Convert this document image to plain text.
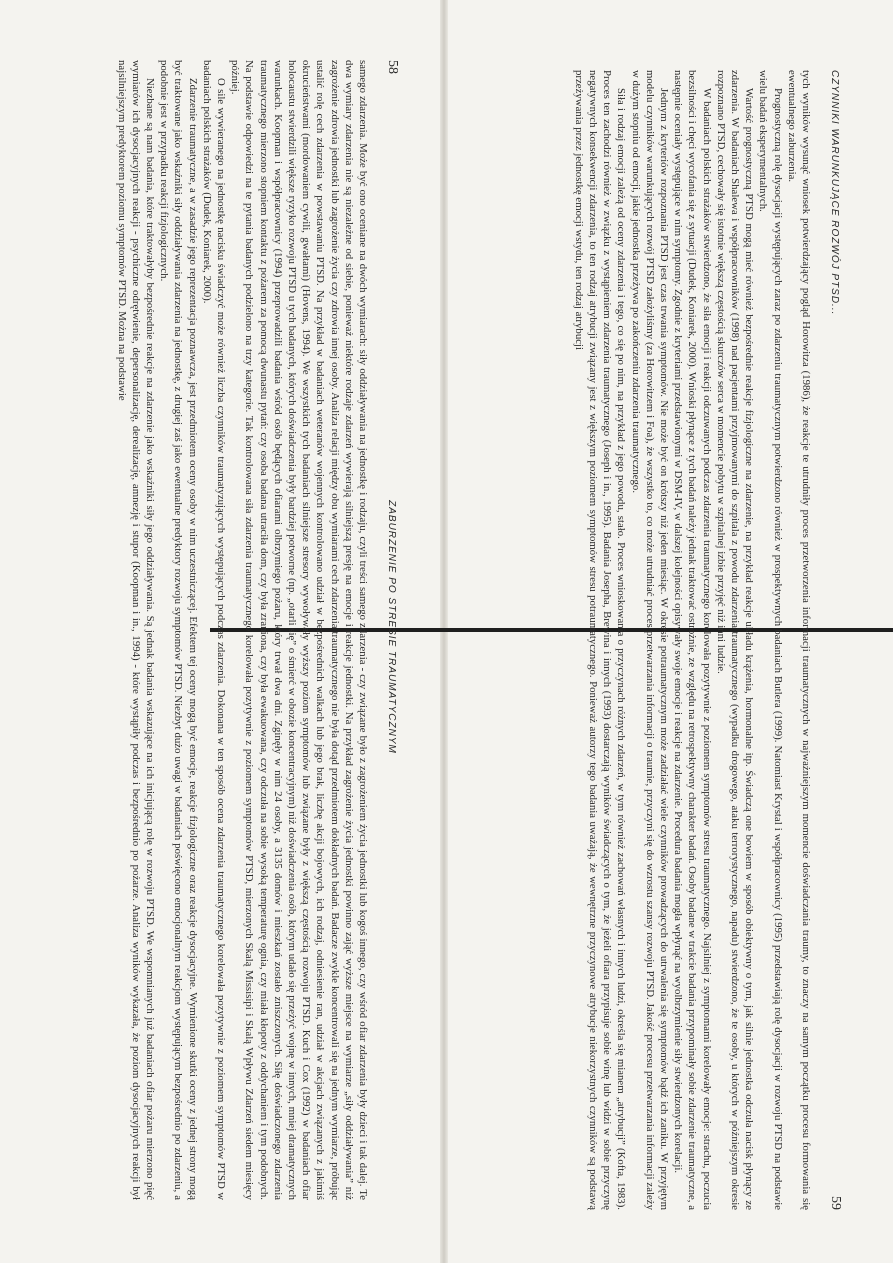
58
ZABURZENIE PO STRESIE TRAUMATYCZNYM

samego zdarzenia. Może być ono oceniane na dwóch wymiarach: siły oddziaływania na jednostkę i rodzaju, czyli treści samego zdarzenia - czy związane było z zagrożeniem życia jednostki lub kogoś innego, czy wśród ofiar zdarzenia były dzieci i tak dalej. Te dwa wymiary zdarzenia nie są niezależne od siebie, ponieważ niektóre rodzaje zdarzeń wywierają silniejszą presję na emocje i reakcje jednostki. Na przykład zagrożenie życia jednostki powinno zająć wyższe miejsce na wymiarze „siły oddziaływania” niż zagrożenie zdrowia jednostki lub zagrożenie życia czy zdrowia innej osoby. Analiza relacji między obu wymiarami cech zdarzenia traumatycznego nie była dotąd przedmiotem dokładnych badań. Badacze zwykle koncentrowali się na jednym wymiarze, próbując ustalić rolę cech zdarzenia w powstawaniu PTSD. Na przykład w badaniach weteranów wojennych kontrolowano udział w bezpośrednich walkach lub jego brak, liczbę akcji bojowych, ich rodzaj, odniesienie ran, udział w akcjach związanych z jakimiś okrucieństwami (mordowaniem cywili, gwałtami) (Hovens, 1994). We wszystkich tych badaniach silniejsze stresory wywoływały wyższy poziom symptomów lub związane były z większą częstością rozwoju PTSD. Kuch i Cox (1992) w badaniach ofiar holocaustu stwierdzili większe ryzyko rozwoju PTSD u tych badanych, których doświadczenia były bardziej potworne (np. „otarli się” o śmierć w obozie koncentracyjnym) niż doświadczenia osób, którym udało się przeżyć wojnę w innych, mniej dramatycznych warunkach. Koopman i współpracownicy (1994) przeprowadzili badania wśród osób będących ofiarami olbrzymiego pożaru, który trwał dwa dni. Zginęły w nim 24 osoby, a 3135 domów i mieszkań zostało zniszczonych. Siłę doświadczonego zdarzenia traumatycznego mierzono stopniem kontaktu z pożarem za pomocą dwunastu pytań: czy osoba badana utraciła dom, czy była zraniona, czy była ewakuowana, czy odczuła na sobie wysoką temperaturę ognia, czy miała kłopoty z oddychaniem i tym podobnych. Na podstawie odpowiedzi na te pytania badanych podzielono na trzy kategorie. Tak kontrolowana siła zdarzenia traumatycznego korelowała pozytywnie z poziomem symptomów PTSD, mierzonych Skalą Missisipi i Skalą Wpływu Zdarzeń siedem miesięcy później.

O sile wywieranego na jednostkę nacisku świadczyć może również liczba czynników traumatyzujących występujących podczas zdarzenia. Dokonana w ten sposób ocena zdarzenia traumatycznego korelowała pozytywnie z poziomem symptomów PTSD w badaniach polskich strażaków (Dudek, Koniarek, 2000).

Zdarzenie traumatyczne, a w zasadzie jego reprezentacja poznawcza, jest przedmiotem oceny osoby w nim uczestniczącej. Efektem tej oceny mogą być emocje, reakcje fizjologiczne oraz reakcje dysocjacyjne. Wymienione skutki oceny z jednej strony mogą być traktowane jako wskaźniki siły oddziaływania zdarzenia na jednostkę, z drugiej zaś jako ewentualne predyktory rozwoju symptomów PTSD. Niezbyt dużo uwagi w badaniach poświęcono emocjonalnym reakcjom występującym bezpośrednio po zdarzeniu, a podobnie jest w przypadku reakcji fizjologicznych.

Niezbane są nam badania, które traktowałyby bezpośrednie reakcje na zdarzenie jako wskaźniki siły jego oddziaływania. Są jednak badania wskazujące na ich inicjującą rolę w rozwoju PTSD. We wspomnianych już badaniach ofiar pożaru mierzono pięć wymiarów ich dysocjacyjnych reakcji - psychiczne odrętwienie, depersonalizację, derealizację, amnezję i stupor (Koopman i in., 1994) - które wystąpiły podczas i bezpośrednio po pożarze. Analiza wyników wykazała, że poziom dysocjacyjnych reakcji był najsilniejszym predyktorem poziomu symptomów PTSD. Można na podstawie	CZYNNIKI WARUNKUJĄCE ROZWÓJ PTSD...
59

tych wyników wysunąć wniosek potwierdzający pogląd Horowitza (1986), że reakcje te utrudniły proces przetworzenia informacji traumatycznych w najważniejszym momencie doświadczania traumy, to znaczy na samym początku procesu formowania się ewentualnego zaburzenia.

Prognostyczną rolę dysocjacji występujących zaraz po zdarzeniu traumatycznym potwierdzono również w prospektywnych badaniach Butlera (1999). Natomiast Krystal i współpracownicy (1995) przedstawiają rolę dysocjacji w rozwoju PTSD na podstawie wielu badań eksperymentalnych.

Wartość prognostyczną PTSD mogą mieć również bezpośrednie reakcje fizjologiczne na zdarzenie, na przykład reakcje układu krążenia, hormonalne itp. Świadczą one bowiem w sposób obiektywny o tym, jak silnie jednostka odczuła nacisk płynący ze zdarzenia. W badaniach Shalewa i współpracowników (1998) nad pacjentami przyjmowanymi do szpitala z powodu zdarzenia traumatycznego (wypadku drogowego, ataku terrorystycznego, napadu) stwierdzono, że te osoby, u których w późniejszym okresie rozpoznano PTSD, cechowały się istotnie większą częstością skurczów serca w momencie pobytu w szpitalnej izbie przyjęć niż inni ludzie.

W badaniach polskich strażaków stwierdzono, że siła emocji i reakcji odczuwanych podczas zdarzenia traumatycznego korelowała pozytywnie z poziomem symptomów stresu traumatycznego. Najsilniej z symptomami korelowały emocje: strachu, poczucia bezsilności i chęci wycofania się z sytuacji (Dudek, Koniarek, 2000). Wnioski płynące z tych badań należy jednak traktować ostrożnie, ze względu na retrospektywny charakter badań. Osoby badane w trakcie badania przypominały sobie zdarzenie traumatyczne, a następnie oceniały występujące w nim symptomy. Zgodnie z kryteriami przedstawionymi w DSM-IV, w dalszej kolejności opisywały swoje emocje i reakcje na zdarzenie. Procedura badania mogła wpłynąć na wyolbrzymienie siły stwierdzonych korelacji.

Jednym z kryteriów rozpoznania PTSD jest czas trwania symptomów. Nie może być on krótszy niż jeden miesiąc. W okresie potraumatycznym może zadziałać wiele czynników prowadzących do utrwalenia się symptomów bądź ich zaniku. W przyjętym modelu czynników warunkujących rozwój PTSD założyliśmy (za Horowitzem i Foa), że wszystko to, co może utrudniać proces przetwarzania informacji o traumie, przyczyni się do wzrostu szansy rozwoju PTSD. Jakość procesu przetwarzania informacji zależy w dużym stopniu od emocji, jakie jednostka przeżywa po zakończeniu zdarzenia traumatycznego.

Siła i rodzaj emocji zależą od oceny zdarzenia i tego, co się po nim, na przykład z jego powodu, stało. Proces wnioskowania o przyczynach różnych zdarzeń, w tym również zachowań własnych i innych ludzi, określa się mianem „atrybucji” (Kofta, 1983). Proces ten zachodzi również w związku z wystąpieniem zdarzenia traumatycznego (Joseph i in., 1995). Badania Josepha, Brewina i innych (1993) dostarczają wyników świadczących o tym, że jeżeli ofiara przypisuje sobie winę lub widzi w sobie przyczynę negatywnych konsekwencji zdarzenia, to ten rodzaj atrybucji związany jest z większym poziomem symptomów stresu potraumatycznego. Ponieważ autorzy tego badania uważają, że wewnętrzne przyczynowe atrybucje niekorzystnych czynników są podstawą przeżywania przez jednostkę emocji wstydu, ten rodzaj atrybucji
